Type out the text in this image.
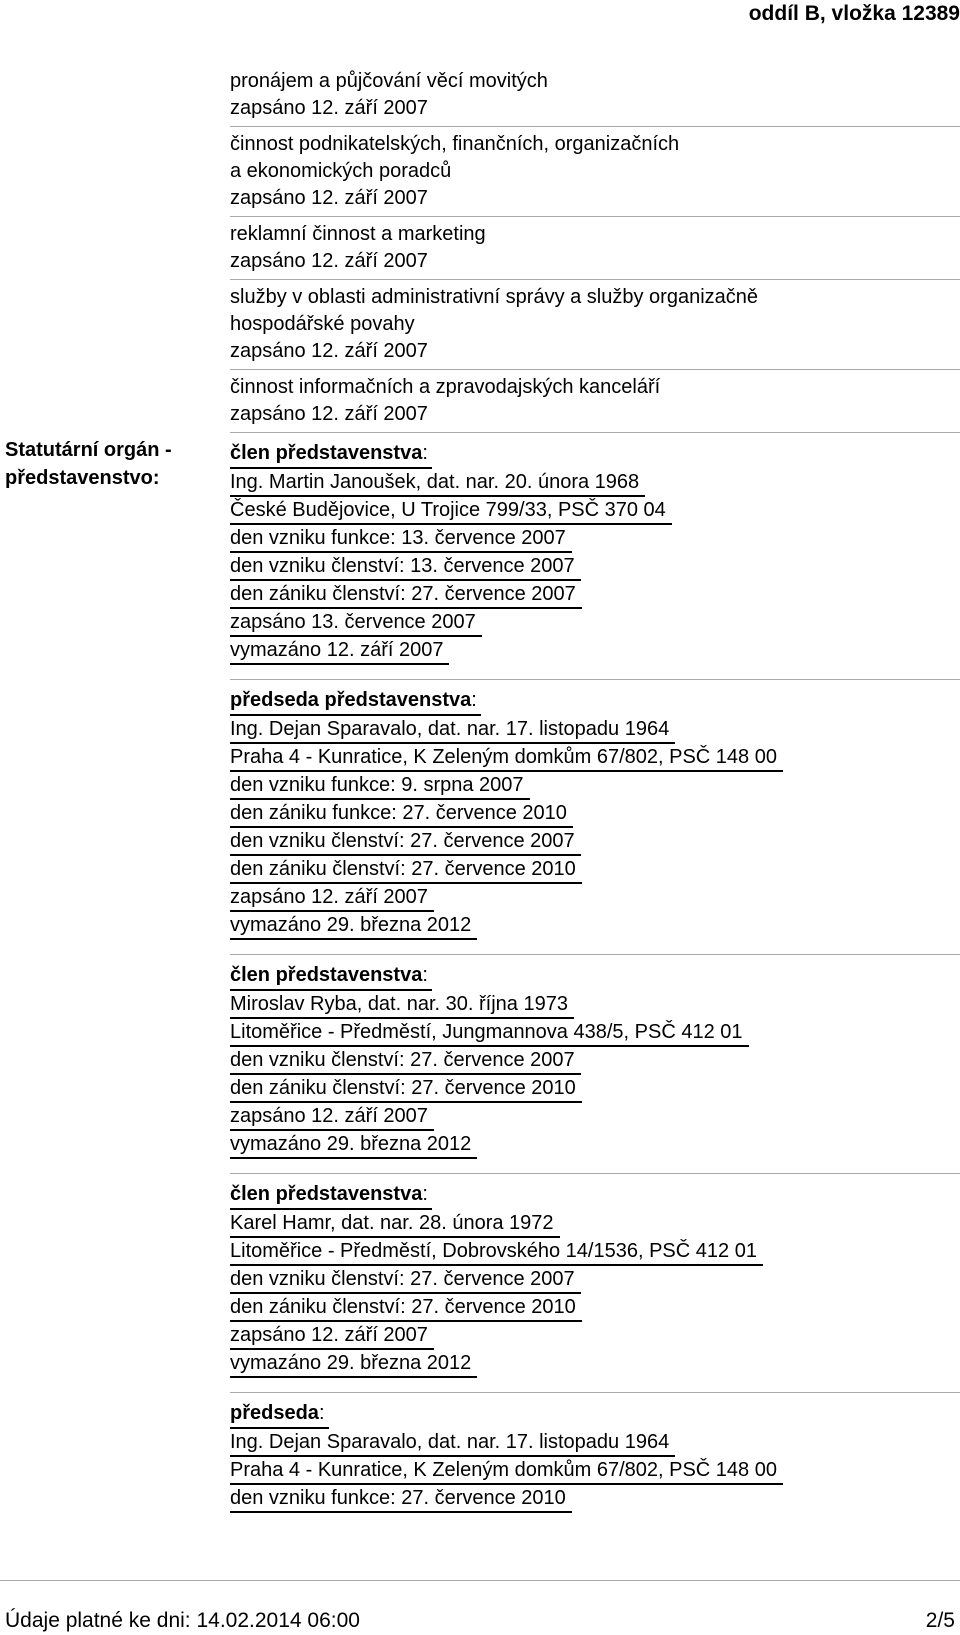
oddíl B, vložka 12389
pronájem a půjčování věcí movitých
zapsáno 12. září 2007
činnost podnikatelských, finančních, organizačních
a ekonomických poradců
zapsáno 12. září 2007
reklamní činnost a marketing
zapsáno 12. září 2007
služby v oblasti administrativní správy a služby organizačně
hospodářské povahy
zapsáno 12. září 2007
činnost informačních a zpravodajských kanceláří
zapsáno 12. září 2007
Statutární orgán -
představenstvo:
člen představenstva:
Ing. Martin Janoušek, dat. nar. 20. února 1968
České Budějovice, U Trojice 799/33, PSČ 370 04
den vzniku funkce: 13. července 2007
den vzniku členství: 13. července 2007
den zániku členství: 27. července 2007
zapsáno 13. července 2007
vymazáno 12. září 2007
předseda představenstva:
Ing. Dejan Sparavalo, dat. nar. 17. listopadu 1964
Praha 4 - Kunratice, K Zeleným domkům 67/802, PSČ 148 00
den vzniku funkce: 9. srpna 2007
den zániku funkce: 27. července 2010
den vzniku členství: 27. července 2007
den zániku členství: 27. července 2010
zapsáno 12. září 2007
vymazáno 29. března 2012
člen představenstva:
Miroslav Ryba, dat. nar. 30. října 1973
Litoměřice - Předměstí, Jungmannova 438/5, PSČ 412 01
den vzniku členství: 27. července 2007
den zániku členství: 27. července 2010
zapsáno 12. září 2007
vymazáno 29. března 2012
člen představenstva:
Karel Hamr, dat. nar. 28. února 1972
Litoměřice - Předměstí, Dobrovského 14/1536, PSČ 412 01
den vzniku členství: 27. července 2007
den zániku členství: 27. července 2010
zapsáno 12. září 2007
vymazáno 29. března 2012
předseda:
Ing. Dejan Sparavalo, dat. nar. 17. listopadu 1964
Praha 4 - Kunratice, K Zeleným domkům 67/802, PSČ 148 00
den vzniku funkce: 27. července 2010
Údaje platné ke dni: 14.02.2014 06:00	2/5
